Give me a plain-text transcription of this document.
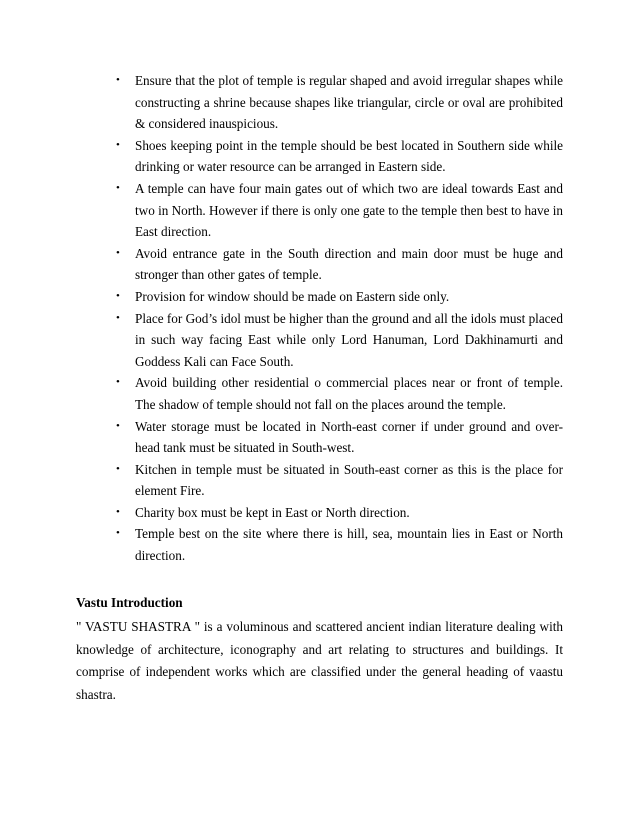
• Ensure that the plot of temple is regular shaped and avoid irregular shapes while constructing a shrine because shapes like triangular, circle or oval are prohibited & considered inauspicious.
• Shoes keeping point in the temple should be best located in Southern side while drinking or water resource can be arranged in Eastern side.
• A temple can have four main gates out of which two are ideal towards East and two in North. However if there is only one gate to the temple then best to have in East direction.
• Avoid entrance gate in the South direction and main door must be huge and stronger than other gates of temple.
• Provision for window should be made on Eastern side only.
• Place for God’s idol must be higher than the ground and all the idols must placed in such way facing East while only Lord Hanuman, Lord Dakhinamurti and Goddess Kali can Face South.
• Avoid building other residential o commercial places near or front of temple. The shadow of temple should not fall on the places around the temple.
• Water storage must be located in North-east corner if under ground and over-head tank must be situated in South-west.
• Kitchen in temple must be situated in South-east corner as this is the place for element Fire.
• Charity box must be kept in East or North direction.
• Temple best on the site where there is hill, sea, mountain lies in East or North direction.
Vastu Introduction

" VASTU SHASTRA " is a voluminous and scattered ancient indian literature dealing with knowledge of architecture, iconography and art relating to structures and buildings. It comprise of independent works which are classified under the general heading of vaastu shastra.
